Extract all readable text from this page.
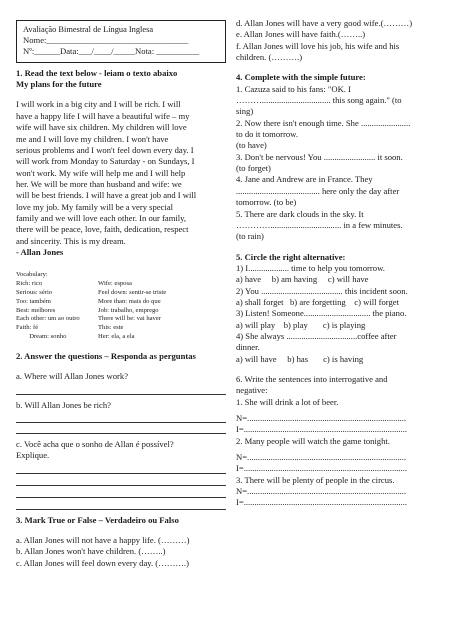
Avaliação Bimestral de Língua Inglesa
Nome:_________________________________
Nº:______Data:___/____/_____Nota: __________

1. Read the text below - leiam o texto abaixo

My plans for the future

I will work in a big city and I will be rich. I will

have a happy life I will have a beautiful wife – my

wife will have six children. My children will love

me and I will love my children. I won't have

serious problems and I won't feel down every day. I

will work from Monday to Saturday - on Sundays, I

won't work. My wife will help me and I will help

her. We will be more than husband and wife: we

will be best friends. I will have a great job and I will

love my job. My family will be a very special

family and we will love each other. In our family,

there will be peace, love, faith, dedication, respect

and sincerity. This is my dream.

- Allan Jones

Vocabulary:
Rich: rico	Wife: esposa
Serious: sério	Feel down: sentir-se triste
Too: também	More than: mais do que
Best: melhores	Job: trabalho, emprego
Each other: um ao outro	There will be: vai haver
Faith: fé	This: este
Dream: sonho	Her: ela, a ela

2. Answer the questions – Responda as perguntas

a. Where will Allan Jones work?

b. Will Allan Jones be rich?

c. Você acha que o sonho de Allan é possível?

Explique.

3. Mark True or False – Verdadeiro ou Falso

a. Allan Jones will not have a happy life. (………)

b. Allan Jones won't have children. (……..)

c. Allan Jones will feel down every day. (……….)

d. Allan Jones will have a very good wife.(………)

e. Allan Jones will have faith.(……..)

f. Allan Jones will love his job, his wife and his

children. (……….)

4. Complete with the simple future:

1. Cazuza said to his fans: "OK. I

………................................ this song again." (to

sing)

2. Now there isn't enough time. She .......................

to do it tomorrow.

(to have)

3. Don't be nervous! You ........................ it soon.

(to forget)

4. Jane and Andrew are in France. They

....................................... here only the day after

tomorrow. (to be)

5. There are dark clouds in the sky. It

…………................................. in a few minutes.

(to rain)

5. Circle the right alternative:

1) I................... time to help you tomorrow.

a) have     b) am having     c) will have

2) You ...................................... this incident soon.

a) shall forget   b) are forgetting    c) will forget

3) Listen! Someone............................... the piano.

a) will play    b) play       c) is playing

4) She always .................................coffee after

dinner.

a) will have     b) has       c) is having

6. Write the sentences into interrogative and

negative:

1. She will drink a lot of beer.

N=..........................................................................

I=............................................................................

2. Many people will watch the game tonight.

N=..........................................................................

I=............................................................................

3. There will be plenty of people in the circus.

N=..........................................................................

I=............................................................................
